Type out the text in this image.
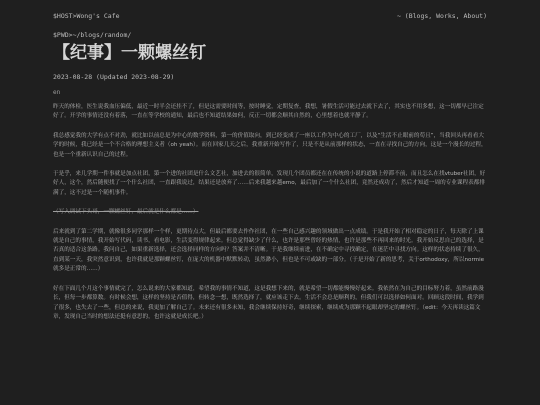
$HOST>Wong's Cafe	~ (Blogs, Works, About)
$PWD>~/blogs/random/
【纪事】一颗螺丝钉
2023-08-28 (Updated 2023-08-29)
en

昨天的体检，医生说我血压偏低，最近一时半会还挂不了，但是这需要时间等，按时睡觉，定期复查，我想，暑假生活可能过去就下去了，其实也不用多想，这一切都早已注定好了。开学的事情还没有着落，一直在等学校的通知，最后也不知道结果如何，反正一切都会顺其自然的，心里想着也就平静了。

我总感觉我的大学有点不对劲，就比如以前总是为中心的数学资料，第一的价值取向，到已经变成了一座以工作为中心的工厂，以及“生活不止眼前的苟且”，当我回头再看看大学的时候，我已经是一个不合格的理想主义者（oh yeah）。而在回家几天之后，我重新开始写作了，只是不是从前那样的状态，一直在寻找自己的方向，这是一个漫长的过程，也是一个重新认识自己的过程。

于是乎，来几学期一件事就是加点社团，第一个进的社团是什么文艺社，加进去的很简单，发现几个团员都还在在传统的小说的道路上停滞不前，而且怎么在找vtuber社团，好好人，这个，然后随便找了一个什么社团，一直跟我说过，结果还是放弃了……后来我越来越emo，最后加了一个什么社团，竟然还成功了，然后才知道一周的专业课程表都排满了，这不过是一个随机事件。

（写入调试下头哥，一颗螺丝钉，最后就是什么都是……）

后来就到了第二学期，就像很多同学那样一个样，更期待点大，但最后都要去作作社团，在一些自己感兴趣的领域做出一点成绩。于是我开始了相对稳定的日子，每天除了上课就是自己的事情，我开始写代码，读书，看电影，生活变得规律起来。但总觉得缺少了什么，也许是那些曾经的热情，也许是那些不再回来的时光。我开始反思自己的选择，是否真的适合这条路。我问自己，如果重新选择，还会选择同样的方向吗？答案并不清晰。于是我继续前进，在不确定中寻找确定，在迷茫中寻找方向。这样的状态持续了很久，直到某一天，我突然意识到，也许我就是那颗螺丝钉，在庞大的机器中默默转动，虽然渺小，但也是不可或缺的一部分。（于是开始了新的思考，关于orthodoxy，所以normie就多是正常的……）

好在下面几个月这个事情就完了，怎么说来的大家都知道，希望我的事情不知道，这是我想下来的，就是希望一切都能慢慢好起来。我依然在为自己的目标努力着，虽然前路漫长，但每一步都算数。有时候会想，这样的坚持是否值得，但转念一想，既然选择了，就应该走下去。生活不会总是顺利的，但我们可以选择如何面对。回顾这段时间，我学到了很多，也失去了一些，但总的来说，我更加了解自己了。未来还有很多未知，我会继续保持好奇，继续探索，继续成为那颗不起眼却坚定的螺丝钉。（edit：今天再读这篇文章，发现自己当时的想法还挺有意思的，也许这就是成长吧。）
